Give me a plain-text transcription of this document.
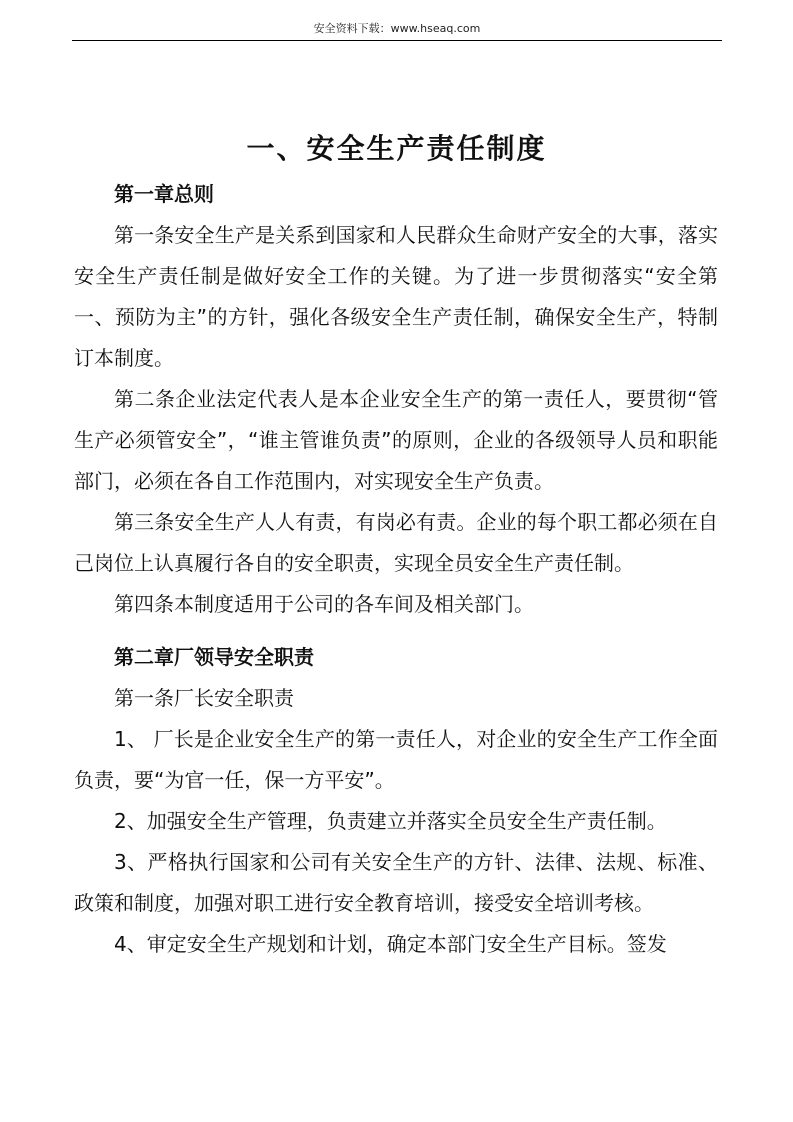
安全资料下载：www.hseaq.com
一、安全生产责任制度

第一章总则

第一条安全生产是关系到国家和人民群众生命财产安全的大事，落实安全生产责任制是做好安全工作的关键。为了进一步贯彻落实“安全第一、预防为主”的方针，强化各级安全生产责任制，确保安全生产，特制订本制度。

第二条企业法定代表人是本企业安全生产的第一责任人，要贯彻“管生产必须管安全”，“谁主管谁负责”的原则，企业的各级领导人员和职能部门，必须在各自工作范围内，对实现安全生产负责。

第三条安全生产人人有责，有岗必有责。企业的每个职工都必须在自己岗位上认真履行各自的安全职责，实现全员安全生产责任制。

第四条本制度适用于公司的各车间及相关部门。

第二章厂领导安全职责

第一条厂长安全职责

1、 厂长是企业安全生产的第一责任人，对企业的安全生产工作全面负责，要“为官一任，保一方平安”。

2、加强安全生产管理，负责建立并落实全员安全生产责任制。

3、严格执行国家和公司有关安全生产的方针、法律、法规、标准、政策和制度，加强对职工进行安全教育培训，接受安全培训考核。

4、审定安全生产规划和计划，确定本部门安全生产目标。签发
